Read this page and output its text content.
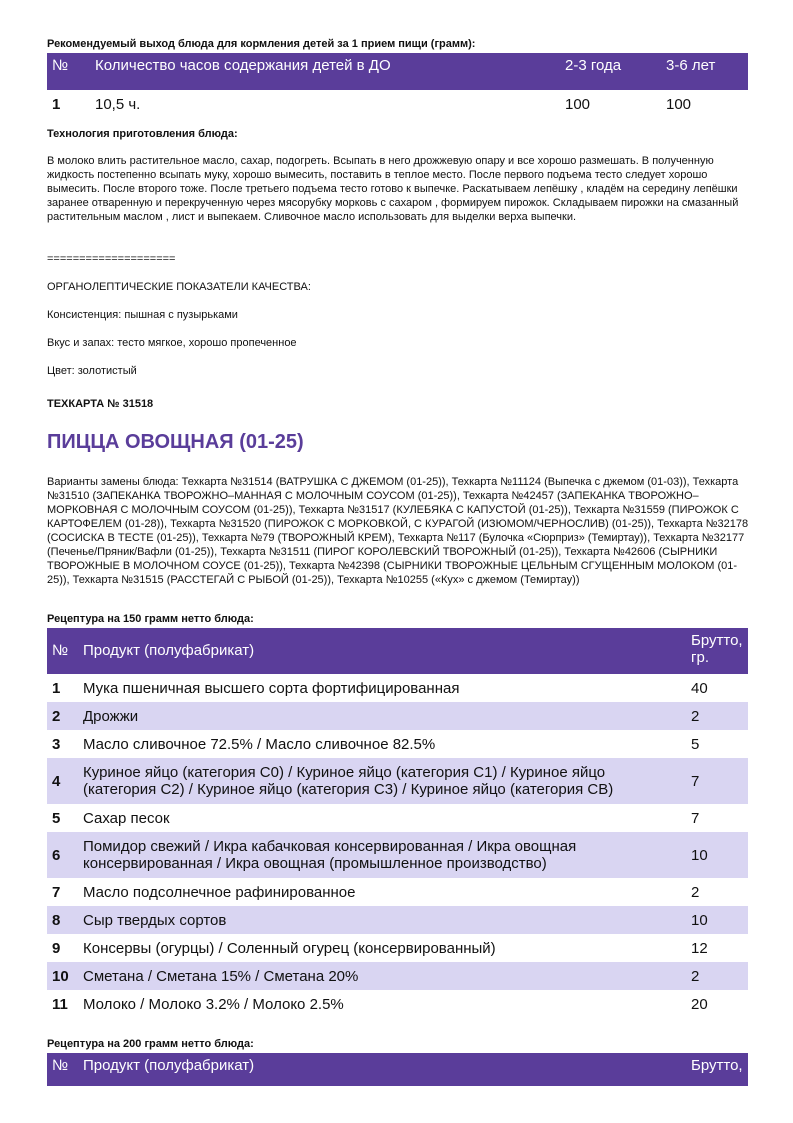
Рекомендуемый выход блюда для кормления детей за 1 прием пищи (грамм):
№	Количество часов содержания детей в ДО	2-3 года	3-6 лет
1	10,5 ч.	100	100
Технология приготовления блюда:
В молоко влить растительное масло, сахар, подогреть. Всыпать в него дрожжевую опару и все хорошо размешать. В полученную жидкость постепенно всыпать муку, хорошо вымесить, поставить в теплое место. После первого подъема тесто следует хорошо вымесить. После второго тоже. После третьего подъема тесто готово к выпечке. Раскатываем лепёшку , кладём на середину лепёшки заранее отваренную и перекрученную через мясорубку морковь с сахаром , формируем пирожок. Складываем пирожки на смазанный растительным маслом , лист и выпекаем. Сливочное масло использовать для выделки верха выпечки.
====================
ОРГАНОЛЕПТИЧЕСКИЕ ПОКАЗАТЕЛИ КАЧЕСТВА:
Консистенция: пышная с пузырьками
Вкус и запах: тесто мягкое, хорошо пропеченное
Цвет: золотистый
ТЕХКАРТА № 31518
ПИЦЦА ОВОЩНАЯ (01-25)
Варианты замены блюда: Техкарта №31514 (ВАТРУШКА С ДЖЕМОМ (01-25)), Техкарта №11124 (Выпечка с джемом (01-03)), Техкарта №31510 (ЗАПЕКАНКА ТВОРОЖНО–МАННАЯ С МОЛОЧНЫМ СОУСОМ (01-25)), Техкарта №42457 (ЗАПЕКАНКА ТВОРОЖНО–МОРКОВНАЯ С МОЛОЧНЫМ СОУСОМ (01-25)), Техкарта №31517 (КУЛЕБЯКА С КАПУСТОЙ (01-25)), Техкарта №31559 (ПИРОЖОК С КАРТОФЕЛЕМ (01-28)), Техкарта №31520 (ПИРОЖОК С МОРКОВКОЙ, С КУРАГОЙ (ИЗЮМОМ/ЧЕРНОСЛИВ) (01-25)), Техкарта №32178 (СОСИСКА В ТЕСТЕ (01-25)), Техкарта №79 (ТВОРОЖНЫЙ КРЕМ), Техкарта №117 (Булочка «Сюрприз» (Темиртау)), Техкарта №32177 (Печенье/Пряник/Вафли (01-25)), Техкарта №31511 (ПИРОГ КОРОЛЕВСКИЙ ТВОРОЖНЫЙ (01-25)), Техкарта №42606 (СЫРНИКИ ТВОРОЖНЫЕ В МОЛОЧНОМ СОУСЕ (01-25)), Техкарта №42398 (СЫРНИКИ ТВОРОЖНЫЕ ЦЕЛЬНЫМ СГУЩЕННЫМ МОЛОКОМ (01-25)), Техкарта №31515 (РАССТЕГАЙ С РЫБОЙ (01-25)), Техкарта №10255 («Кух» с джемом (Темиртау))
Рецептура на 150 грамм нетто блюда:
№	Продукт (полуфабрикат)	Брутто, гр.
1	Мука пшеничная высшего сорта фортифицированная	40
2	Дрожжи	2
3	Масло сливочное 72.5% / Масло сливочное 82.5%	5
4	Куриное яйцо (категория С0) / Куриное яйцо (категория С1) / Куриное яйцо (категория С2) / Куриное яйцо (категория С3) / Куриное яйцо (категория СВ)	7
5	Сахар песок	7
6	Помидор свежий / Икра кабачковая консервированная / Икра овощная консервированная / Икра овощная (промышленное производство)	10
7	Масло подсолнечное рафинированное	2
8	Сыр твердых сортов	10
9	Консервы (огурцы) / Соленный огурец (консервированный)	12
10	Сметана / Сметана 15% / Сметана 20%	2
11	Молоко / Молоко 3.2% / Молоко 2.5%	20
Рецептура на 200 грамм нетто блюда:
№	Продукт (полуфабрикат)	Брутто,
